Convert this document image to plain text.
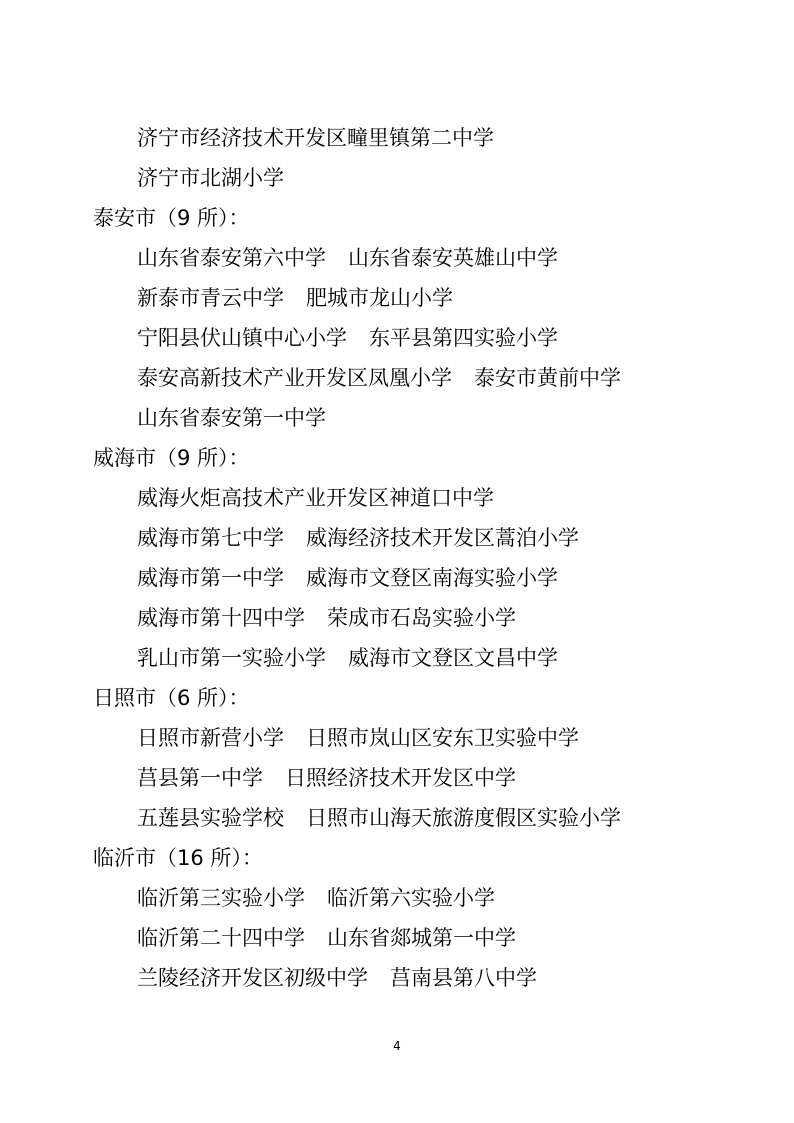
济宁市经济技术开发区疃里镇第二中学
济宁市北湖小学
泰安市（9 所）：
山东省泰安第六中学 山东省泰安英雄山中学
新泰市青云中学 肥城市龙山小学
宁阳县伏山镇中心小学 东平县第四实验小学
泰安高新技术产业开发区凤凰小学 泰安市黄前中学
山东省泰安第一中学
威海市（9 所）：
威海火炬高技术产业开发区神道口中学
威海市第七中学 威海经济技术开发区蒿泊小学
威海市第一中学 威海市文登区南海实验小学
威海市第十四中学 荣成市石岛实验小学
乳山市第一实验小学 威海市文登区文昌中学
日照市（6 所）：
日照市新营小学 日照市岚山区安东卫实验中学
莒县第一中学 日照经济技术开发区中学
五莲县实验学校 日照市山海天旅游度假区实验小学
临沂市（16 所）：
临沂第三实验小学 临沂第六实验小学
临沂第二十四中学 山东省郯城第一中学
兰陵经济开发区初级中学 莒南县第八中学
4
